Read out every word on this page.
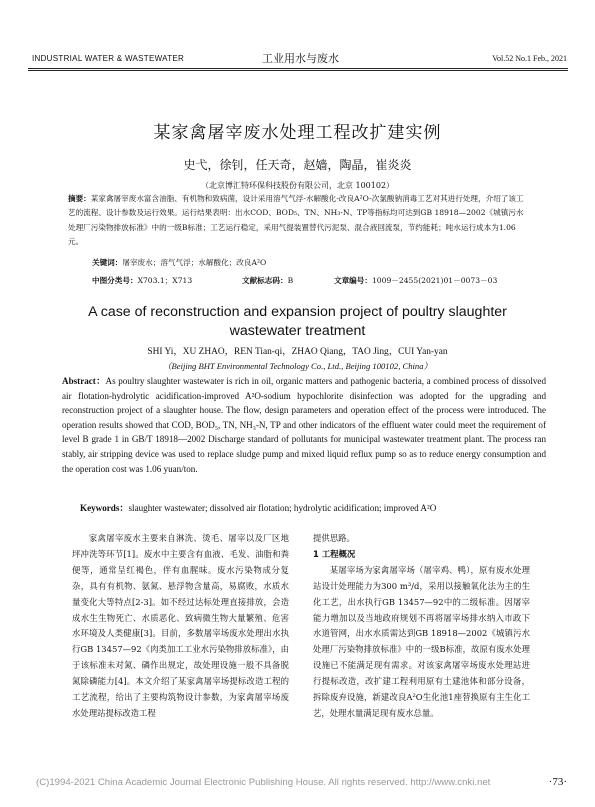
INDUSTRIAL WATER & WASTEWATER	工业用水与废水	Vol.52 No.1 Feb., 2021
某家禽屠宰废水处理工程改扩建实例
史弋，徐钊，任天奇，赵嫱，陶晶，崔炎炎
（北京博汇特环保科技股份有限公司，北京 100102）
摘要：某家禽屠宰废水富含油脂、有机物和致病菌，设计采用溶气气浮-水解酸化-改良A²O-次氯酸钠消毒工艺对其进行处理，介绍了该工艺的流程、设计参数及运行效果。运行结果表明：出水COD、BOD₅、TN、NH₃-N、TP等指标均可达到GB 18918—2002《城镇污水处理厂污染物排放标准》中的一级B标准；工艺运行稳定，采用气提装置替代污泥泵、混合液回流泵，节约能耗；吨水运行成本为1.06元。
关键词：屠宰废水；溶气气浮；水解酸化；改良A²O
中图分类号：X703.1；X713	文献标志码：B	文章编号：1009－2455(2021)01－0073－03
A case of reconstruction and expansion project of poultry slaughter wastewater treatment
SHI Yi，XU ZHAO，REN Tian-qi，ZHAO Qiang，TAO Jing，CUI Yan-yan
（Beijing BHT Environmental Technology Co., Ltd., Beijing 100102, China）
Abstract：As poultry slaughter wastewater is rich in oil, organic matters and pathogenic bacteria, a combined process of dissolved air flotation-hydrolytic acidification-improved A²O-sodium hypochlorite disinfection was adopted for the upgrading and reconstruction project of a slaughter house. The flow, design parameters and operation effect of the process were introduced. The operation results showed that COD, BOD₅, TN, NH₃-N, TP and other indicators of the effluent water could meet the requirement of level B grade 1 in GB/T 18918—2002 Discharge standard of pollutants for municipal wastewater treatment plant. The process ran stably, air stripping device was used to replace sludge pump and mixed liquid reflux pump so as to reduce energy consumption and the operation cost was 1.06 yuan/ton.
Keywords：slaughter wastewater; dissolved air flotation; hydrolytic acidification; improved A²O
家禽屠宰废水主要来自淋洗、烫毛、屠宰以及厂区地坪冲洗等环节[1]。废水中主要含有血液、毛发、油脂和粪便等，通常呈红褐色，伴有血腥味。废水污染物成分复杂，具有有机物、氨氮、悬浮物含量高，易腐败，水质水量变化大等特点[2-3]。如不经过达标处理直接排放，会造成水生生物死亡、水质恶化、致病微生物大量繁殖、危害水环境及人类健康[3]。目前，多数屠宰场废水处理出水执行GB 13457—92《肉类加工工业水污染物排放标准》，由于该标准未对氮、磷作出规定，故处理设施一般不具备脱氮除磷能力[4]。本文介绍了某家禽屠宰场提标改造工程的工艺流程，给出了主要构筑物设计参数，为家禽屠宰场废水处理站提标改造工程
提供思路。
1 工程概况
某屠宰场为家禽屠宰场（屠宰鸡、鸭），原有废水处理站设计处理能力为300 m³/d，采用以接触氧化法为主的生化工艺，出水执行GB 13457—92中的二级标准。因屠宰能力增加以及当地政府规划不再将屠宰场排水纳入市政下水道管网，出水水质需达到GB 18918—2002《城镇污水处理厂污染物排放标准》中的一级B标准，故原有废水处理设施已不能满足现有需求。对该家禽屠宰场废水处理站进行提标改造，改扩建工程利用原有土建池体和部分设备，拆除废弃设施，新建改良A²O生化池1座替换原有主生化工艺，处理水量满足现有废水总量。
(C)1994-2021 China Academic Journal Electronic Publishing House. All rights reserved. http://www.cnki.net	·73·
